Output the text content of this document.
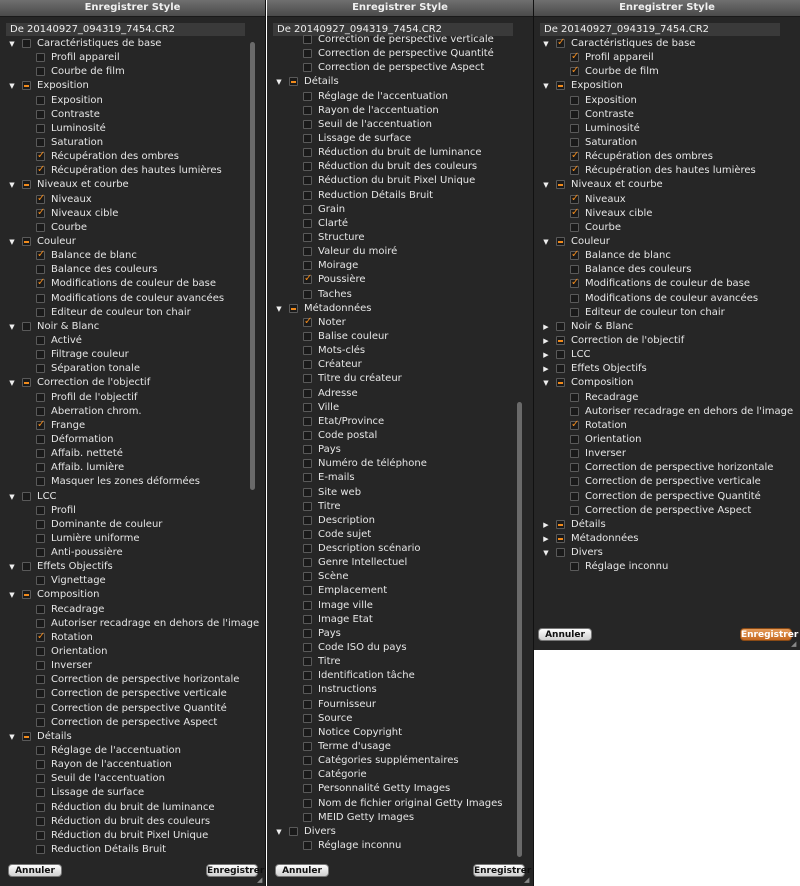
Enregistrer Style
De 20140927_094319_7454.CR2
▼ Caractéristiques de base
Profil appareil
Courbe de film
▼ Exposition
Exposition
Contraste
Luminosité
Saturation
✓
Récupération des ombres
✓
Récupération des hautes lumières
▼ Niveaux et courbe
✓
Niveaux
✓
Niveaux cible
Courbe
▼ Couleur
✓
Balance de blanc
Balance des couleurs
✓
Modifications de couleur de base
Modifications de couleur avancées
Editeur de couleur ton chair
▼ Noir & Blanc
Activé
Filtrage couleur
Séparation tonale
▼ Correction de l'objectif
Profil de l'objectif
Aberration chrom.
✓
Frange
Déformation
Affaib. netteté
Affaib. lumière
Masquer les zones déformées
▼ LCC
Profil
Dominante de couleur
Lumière uniforme
Anti-poussière
▼ Effets Objectifs
Vignettage
▼ Composition
Recadrage
Autoriser recadrage en dehors de l'image
✓
Rotation
Orientation
Inverser
Correction de perspective horizontale
Correction de perspective verticale
Correction de perspective Quantité
Correction de perspective Aspect
▼ Détails
Réglage de l'accentuation
Rayon de l'accentuation
Seuil de l'accentuation
Lissage de surface
Réduction du bruit de luminance
Réduction du bruit des couleurs
Réduction du bruit Pixel Unique
Reduction Détails Bruit
Annuler	Enregistrer
◢
Enregistrer Style
De 20140927_094319_7454.CR2
Correction de perspective verticale
Correction de perspective Quantité
Correction de perspective Aspect
▼ Détails
Réglage de l'accentuation
Rayon de l'accentuation
Seuil de l'accentuation
Lissage de surface
Réduction du bruit de luminance
Réduction du bruit des couleurs
Réduction du bruit Pixel Unique
Reduction Détails Bruit
Grain
Clarté
Structure
Valeur du moiré
Moirage
✓
Poussière
Taches
▼ Métadonnées
✓
Noter
Balise couleur
Mots-clés
Créateur
Titre du créateur
Adresse
Ville
Etat/Province
Code postal
Pays
Numéro de téléphone
E-mails
Site web
Titre
Description
Code sujet
Description scénario
Genre Intellectuel
Scène
Emplacement
Image ville
Image Etat
Pays
Code ISO du pays
Titre
Identification tâche
Instructions
Fournisseur
Source
Notice Copyright
Terme d'usage
Catégories supplémentaires
Catégorie
Personnalité Getty Images
Nom de fichier original Getty Images
MEID Getty Images
▼ Divers
Réglage inconnu
Annuler	Enregistrer
◢
Enregistrer Style
De 20140927_094319_7454.CR2
▼
✓ Caractéristiques de base
✓
Profil appareil
✓
Courbe de film
▼ Exposition
Exposition
Contraste
Luminosité
Saturation
✓
Récupération des ombres
✓
Récupération des hautes lumières
▼ Niveaux et courbe
✓
Niveaux
✓
Niveaux cible
Courbe
▼ Couleur
✓
Balance de blanc
Balance des couleurs
✓
Modifications de couleur de base
Modifications de couleur avancées
Editeur de couleur ton chair
▶ Noir & Blanc
▶ Correction de l'objectif
▶ LCC
▶ Effets Objectifs
▼ Composition
Recadrage
Autoriser recadrage en dehors de l'image
✓
Rotation
Orientation
Inverser
Correction de perspective horizontale
Correction de perspective verticale
Correction de perspective Quantité
Correction de perspective Aspect
▶ Détails
▶ Métadonnées
▼ Divers
Réglage inconnu
Annuler	Enregistrer
◢
